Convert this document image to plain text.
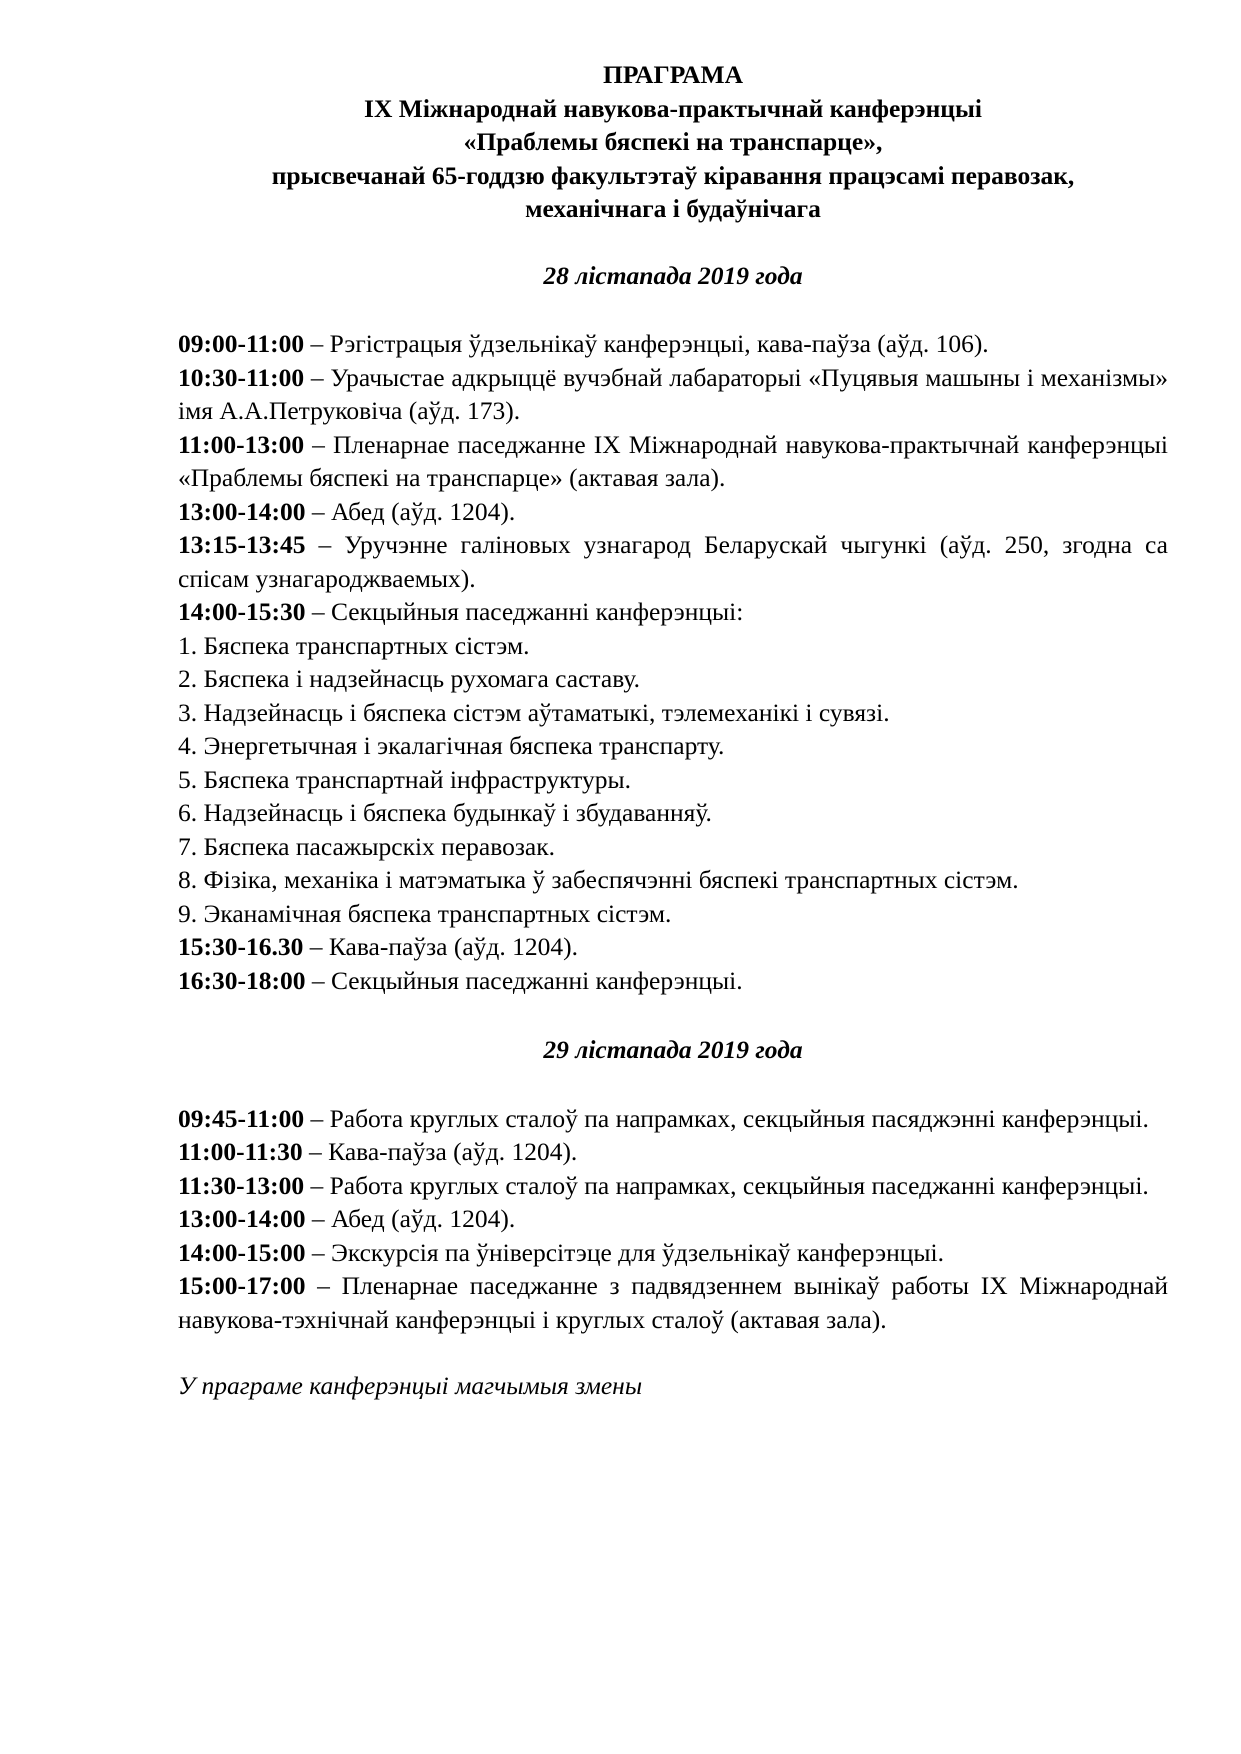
ПРАГРАМА
IX Міжнароднай навукова-практычнай канферэнцыі
«Праблемы бяспекі на транспарце»,
прысвечанай 65-годдзю факультэтаў кіравання працэсамі перавозак,
механічнага і будаўнічага
28 лістапада 2019 года
09:00-11:00 – Рэгістрацыя ўдзельнікаў канферэнцыі, кава-паўза (аўд. 106).
10:30-11:00 – Урачыстае адкрыццё вучэбнай лабараторыі «Пуцявыя машыны і механізмы» імя А.А.Петруковіча (аўд. 173).
11:00-13:00 – Пленарнае паседжанне IX Міжнароднай навукова-практычнай канферэнцыі «Праблемы бяспекі на транспарце» (актавая зала).
13:00-14:00 – Абед (аўд. 1204).
13:15-13:45 – Уручэнне галіновых узнагарод Беларускай чыгункі (аўд. 250, згодна са спісам узнагароджваемых).
14:00-15:30 – Секцыйныя паседжанні канферэнцыі:
1. Бяспека транспартных сістэм.
2. Бяспека і надзейнасць рухомага саставу.
3. Надзейнасць і бяспека сістэм аўтаматыкі, тэлемеханікі і сувязі.
4. Энергетычная і экалагічная бяспека транспарту.
5. Бяспека транспартнай інфраструктуры.
6. Надзейнасць і бяспека будынкаў і збудаванняў.
7. Бяспека пасажырскіх перавозак.
8. Фізіка, механіка і матэматыка ў забеспячэнні бяспекі транспартных сістэм.
9. Эканамічная бяспека транспартных сістэм.
15:30-16.30 – Кава-паўза (аўд. 1204).
16:30-18:00 – Секцыйныя паседжанні канферэнцыі.
29 лістапада 2019 года
09:45-11:00 – Работа круглых сталоў па напрамках, секцыйныя пасяджэнні канферэнцыі.
11:00-11:30 – Кава-паўза (аўд. 1204).
11:30-13:00 – Работа круглых сталоў па напрамках, секцыйныя паседжанні канферэнцыі.
13:00-14:00 – Абед (аўд. 1204).
14:00-15:00 – Экскурсія па ўніверсітэце для ўдзельнікаў канферэнцыі.
15:00-17:00 – Пленарнае паседжанне з падвядзеннем вынікаў работы IX Міжнароднай навукова-тэхнічнай канферэнцыі і круглых сталоў (актавая зала).
У праграме канферэнцыі магчымыя змены
